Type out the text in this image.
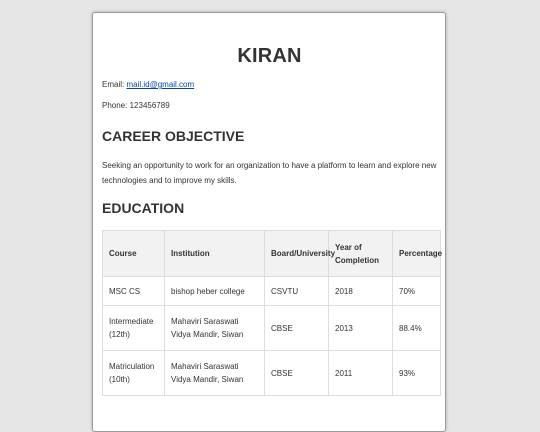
KIRAN
Email: mail.id@gmail.com
Phone: 123456789
CAREER OBJECTIVE

Seeking an opportunity to work for an organization to have a platform to learn and explore new technologies and to improve my skills.

EDUCATION
Course	Institution	Board/University	Year of Completion	Percentage
MSC CS	bishop heber college	CSVTU	2018	70%
Intermediate (12th)	Mahaviri Saraswati Vidya Mandir, Siwan	CBSE	2013	88.4%
Matriculation (10th)	Mahaviri Saraswati Vidya Mandir, Siwan	CBSE	2011	93%
